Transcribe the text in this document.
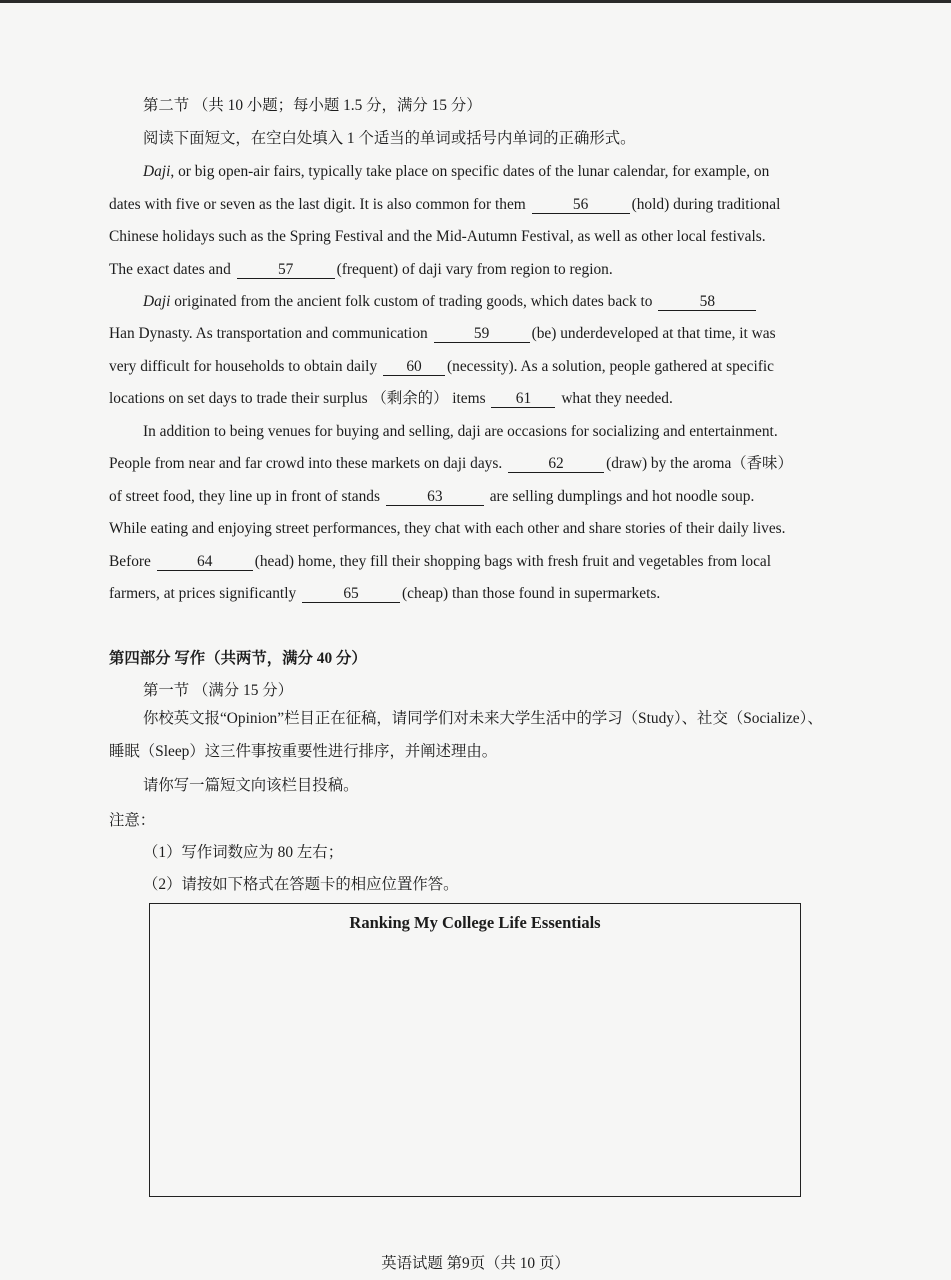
第二节 （共 10 小题；每小题 1.5 分，满分 15 分）
阅读下面短文，在空白处填入 1 个适当的单词或括号内单词的正确形式。
Daji, or big open-air fairs, typically take place on specific dates of the lunar calendar, for example, on
dates with five or seven as the last digit. It is also common for them	56	(hold) during traditional
Chinese holidays such as the Spring Festival and the Mid-Autumn Festival, as well as other local festivals.
The exact dates and	57	(frequent) of daji vary from region to region.
Daji originated from the ancient folk custom of trading goods, which dates back to	58
Han Dynasty. As transportation and communication	59	(be) underdeveloped at that time, it was
very difficult for households to obtain daily 60 (necessity). As a solution, people gathered at specific
locations on set days to trade their surplus （剩余的） items 61 what they needed.
In addition to being venues for buying and selling, daji are occasions for socializing and entertainment.
People from near and far crowd into these markets on daji days.	62	(draw) by the aroma（香味）
of street food, they line up in front of stands	63	are selling dumplings and hot noodle soup.
While eating and enjoying street performances, they chat with each other and share stories of their daily lives.
Before	64	(head) home, they fill their shopping bags with fresh fruit and vegetables from local
farmers, at prices significantly	65	(cheap) than those found in supermarkets.
第四部分 写作（共两节，满分 40 分）
第一节 （满分 15 分）
你校英文报“Opinion”栏目正在征稿，请同学们对未来大学生活中的学习（Study）、社交（Socialize）、
睡眠（Sleep）这三件事按重要性进行排序，并阐述理由。
请你写一篇短文向该栏目投稿。
注意：
（1）写作词数应为 80 左右；
（2）请按如下格式在答题卡的相应位置作答。
Ranking My College Life Essentials
英语试题 第9页（共 10 页）
